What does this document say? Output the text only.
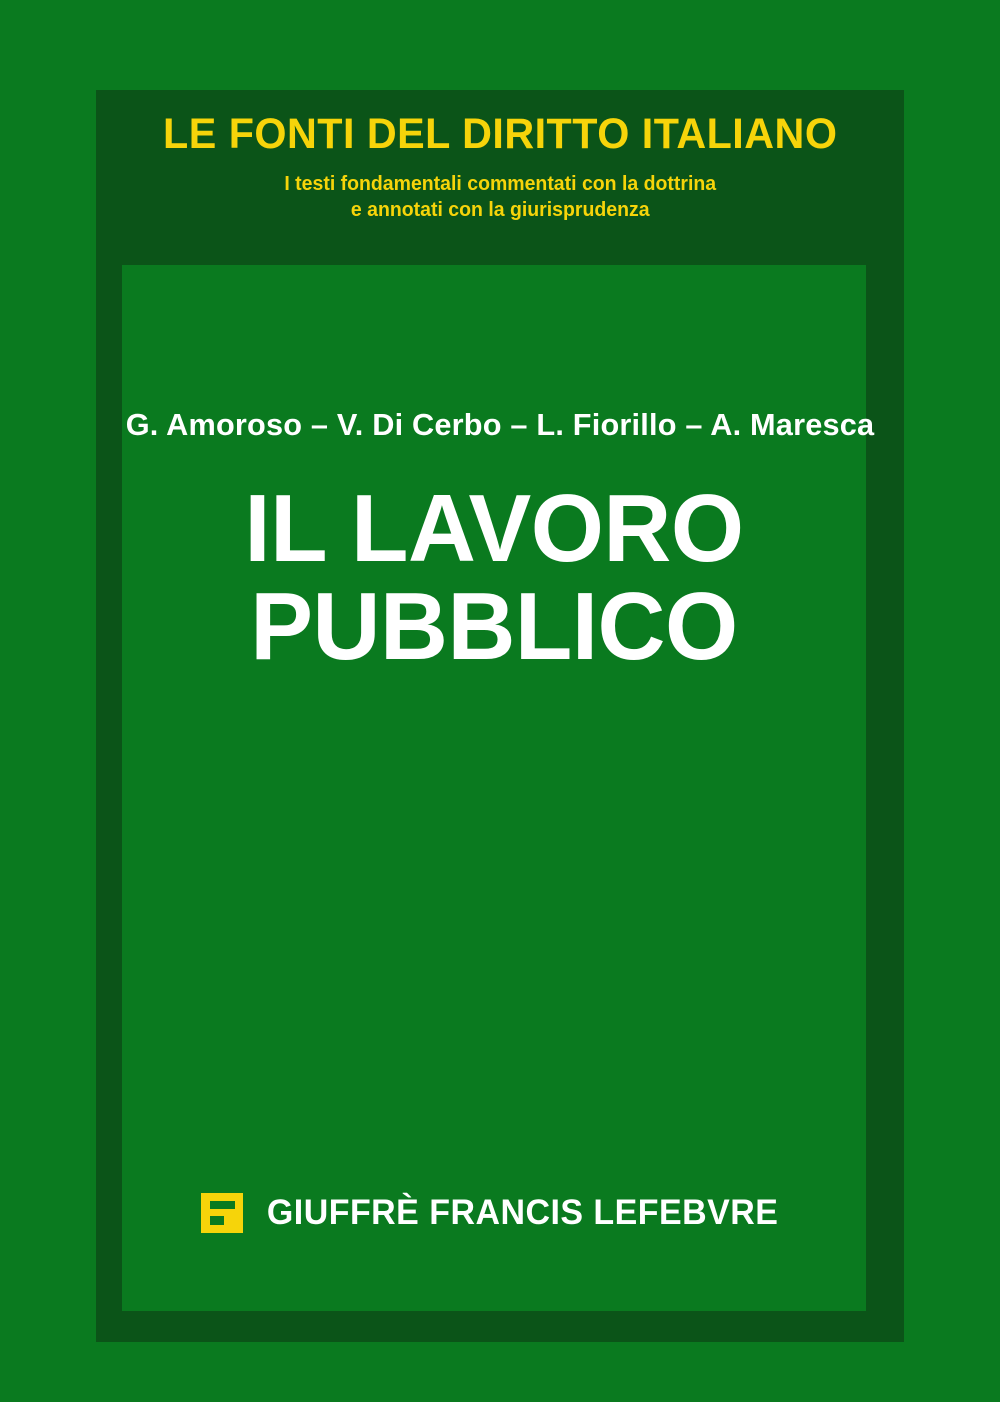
LE FONTI DEL DIRITTO ITALIANO
I testi fondamentali commentati con la dottrina
e annotati con la giurisprudenza
G. Amoroso – V. Di Cerbo – L. Fiorillo – A. Maresca
IL LAVORO
PUBBLICO
GIUFFRÈ FRANCIS LEFEBVRE
